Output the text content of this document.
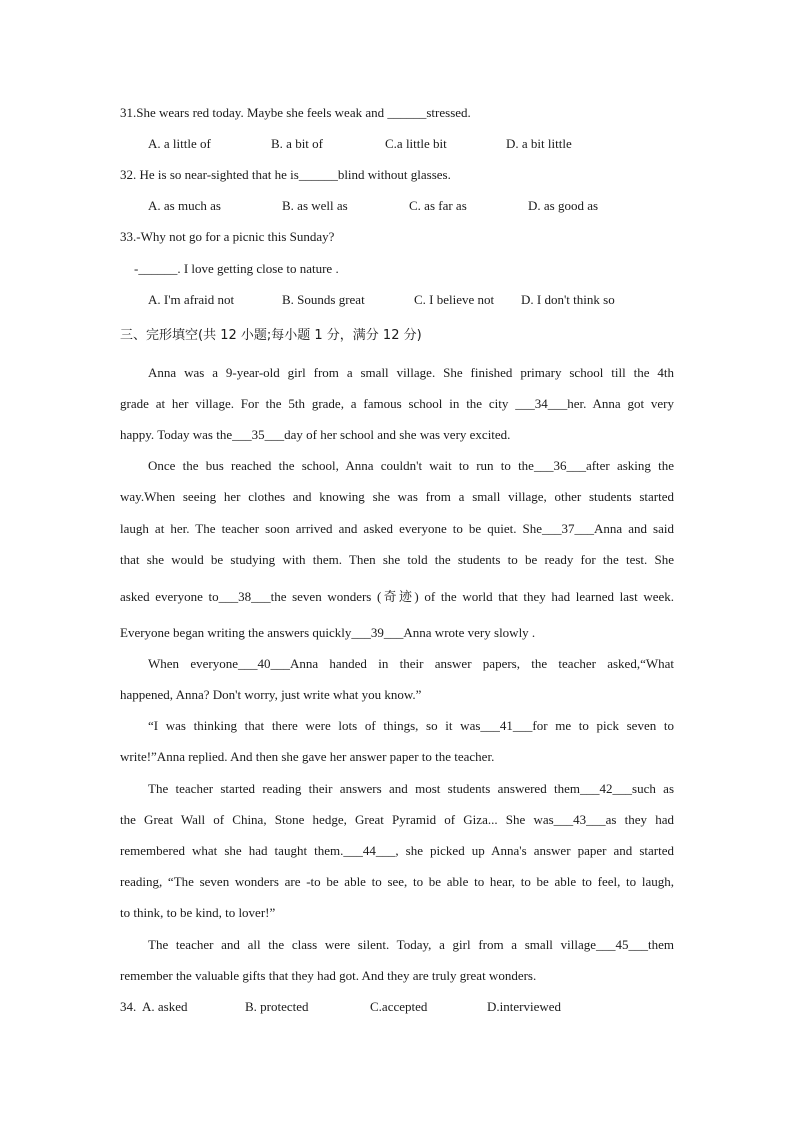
31.She wears red today. Maybe she feels weak and ______stressed.
A. a little of	B. a bit of	C.a little bit	D. a bit little
32. He is so near-sighted that he is______blind without glasses.
A. as much as	B. as well as	C. as far as	D. as good as
33.-Why not go for a picnic this Sunday?
-______. I love getting close to nature .
A. I'm afraid not	B. Sounds great	C. I believe not D. I don't think so
三、完形填空(共 12 小题;每小题 1 分，满分 12 分)
Anna was a 9-year-old girl from a small village. She finished primary school till the 4th
grade at her village. For the 5th grade, a famous school in the city ___34___her. Anna got very
happy. Today was the___35___day of her school and she was very excited.
Once the bus reached the school, Anna couldn't wait to run to the___36___after asking the
way.When seeing her clothes and knowing she was from a small village, other students started
laugh at her. The teacher soon arrived and asked everyone to be quiet. She___37___Anna and said
that she would be studying with them. Then she told the students to be ready for the test. She
asked everyone to___38___the seven wonders (奇迹) of the world that they had learned last week.
Everyone began writing the answers quickly___39___Anna wrote very slowly .
When everyone___40___Anna handed in their answer papers, the teacher asked,“What
happened, Anna? Don't worry, just write what you know.”
“I was thinking that there were lots of things, so it was___41___for me to pick seven to
write!”Anna replied. And then she gave her answer paper to the teacher.
The teacher started reading their answers and most students answered them___42___such as
the Great Wall of China, Stone hedge, Great Pyramid of Giza... She was___43___as they had
remembered what she had taught them.___44___, she picked up Anna's answer paper and started
reading, “The seven wonders are -to be able to see, to be able to hear, to be able to feel, to laugh,
to think, to be kind, to lover!”
The teacher and all the class were silent. Today, a girl from a small village___45___them
remember the valuable gifts that they had got. And they are truly great wonders.
34. A. asked	B. protected	C.accepted	D.interviewed
